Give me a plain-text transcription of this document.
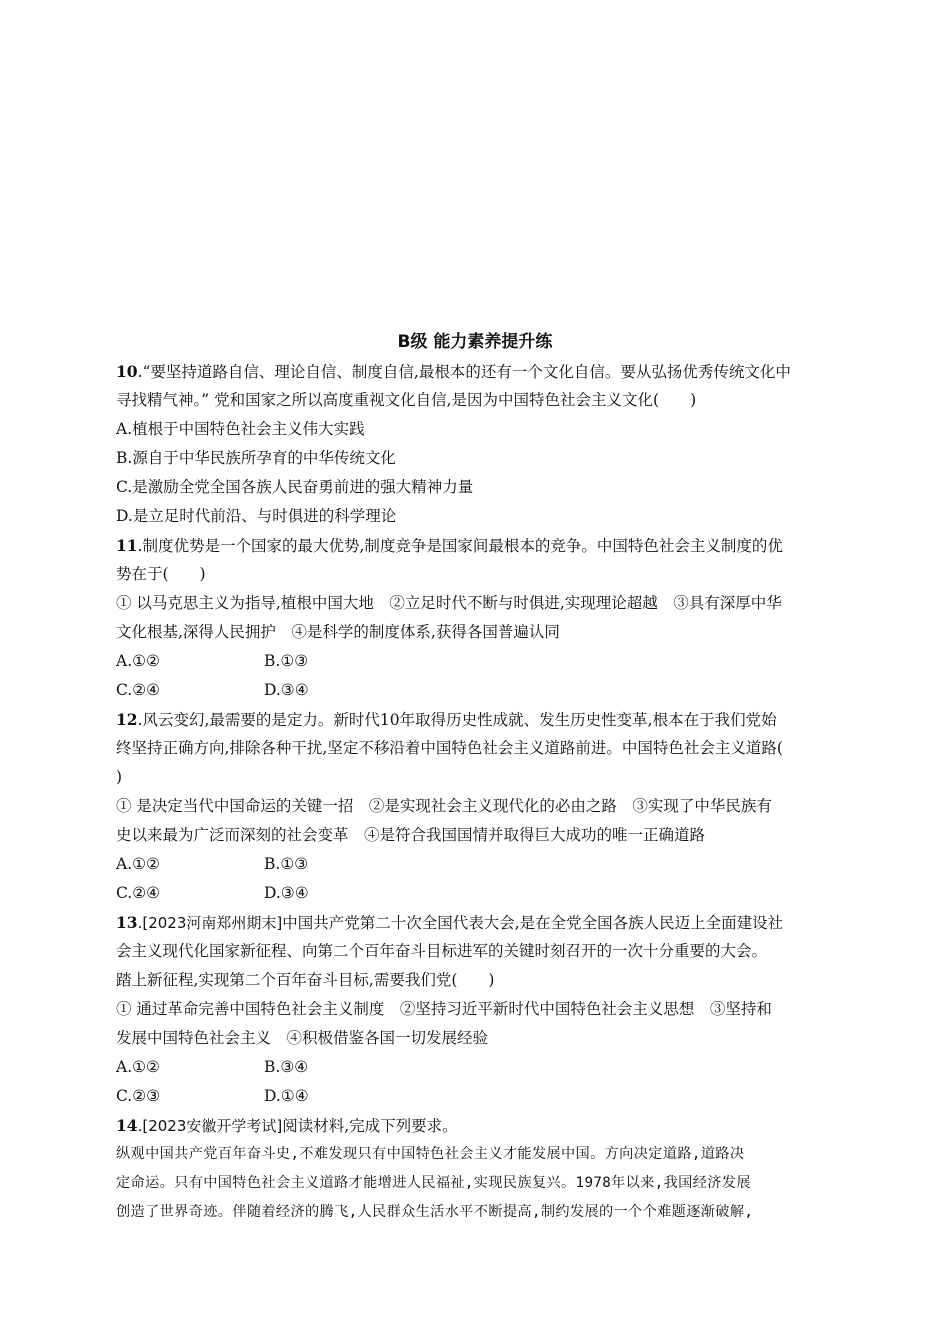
B级 能力素养提升练
10.“要坚持道路自信、理论自信、制度自信,最根本的还有一个文化自信。要从弘扬优秀传统文化中
寻找精气神。” 党和国家之所以高度重视文化自信,是因为中国特色社会主义文化(　　)
A.植根于中国特色社会主义伟大实践
B.源自于中华民族所孕育的中华传统文化
C.是激励全党全国各族人民奋勇前进的强大精神力量
D.是立足时代前沿、与时俱进的科学理论
11.制度优势是一个国家的最大优势,制度竞争是国家间最根本的竞争。中国特色社会主义制度的优
势在于(　　)
① 以马克思主义为指导,植根中国大地　②立足时代不断与时俱进,实现理论超越　③具有深厚中华
文化根基,深得人民拥护　④是科学的制度体系,获得各国普遍认同
A.①②	B.①③
C.②④	D.③④
12.风云变幻,最需要的是定力。新时代10年取得历史性成就、发生历史性变革,根本在于我们党始
终坚持正确方向,排除各种干扰,坚定不移沿着中国特色社会主义道路前进。中国特色社会主义道路(
)
① 是决定当代中国命运的关键一招　②是实现社会主义现代化的必由之路　③实现了中华民族有
史以来最为广泛而深刻的社会变革　④是符合我国国情并取得巨大成功的唯一正确道路
A.①②	B.①③
C.②④	D.③④
13.[2023河南郑州期末]中国共产党第二十次全国代表大会,是在全党全国各族人民迈上全面建设社
会主义现代化国家新征程、向第二个百年奋斗目标进军的关键时刻召开的一次十分重要的大会。
踏上新征程,实现第二个百年奋斗目标,需要我们党(　　)
① 通过革命完善中国特色社会主义制度　②坚持习近平新时代中国特色社会主义思想　③坚持和
发展中国特色社会主义　④积极借鉴各国一切发展经验
A.①②	B.③④
C.②③	D.①④
14.[2023安徽开学考试]阅读材料,完成下列要求。
纵观中国共产党百年奋斗史,不难发现只有中国特色社会主义才能发展中国。方向决定道路,道路决
定命运。只有中国特色社会主义道路才能增进人民福祉,实现民族复兴。1978年以来,我国经济发展
创造了世界奇迹。伴随着经济的腾飞,人民群众生活水平不断提高,制约发展的一个个难题逐渐破解,
